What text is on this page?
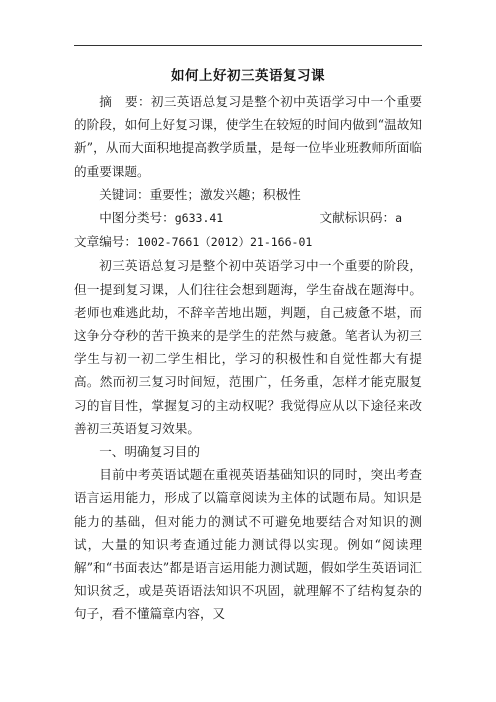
如何上好初三英语复习课

摘　要：初三英语总复习是整个初中英语学习中一个重要的阶段，如何上好复习课，使学生在较短的时间内做到“温故知新”，从而大面积地提高教学质量，是每一位毕业班教师所面临的重要课题。

关键词：重要性；激发兴趣；积极性

中图分类号：g633.41	文献标识码：a

文章编号：1002-7661（2012）21-166-01

初三英语总复习是整个初中英语学习中一个重要的阶段，但一提到复习课，人们往往会想到题海，学生奋战在题海中。老师也难逃此劫，不辞辛苦地出题，判题，自己疲惫不堪，而这争分夺秒的苦干换来的是学生的茫然与疲惫。笔者认为初三学生与初一初二学生相比，学习的积极性和自觉性都大有提高。然而初三复习时间短，范围广，任务重，怎样才能克服复习的盲目性，掌握复习的主动权呢？我觉得应从以下途径来改善初三英语复习效果。

一、明确复习目的

目前中考英语试题在重视英语基础知识的同时，突出考查语言运用能力，形成了以篇章阅读为主体的试题布局。知识是能力的基础，但对能力的测试不可避免地要结合对知识的测试，大量的知识考查通过能力测试得以实现。例如“阅读理解”和“书面表达”都是语言运用能力测试题，假如学生英语词汇知识贫乏，或是英语语法知识不巩固，就理解不了结构复杂的句子，看不懂篇章内容，又
